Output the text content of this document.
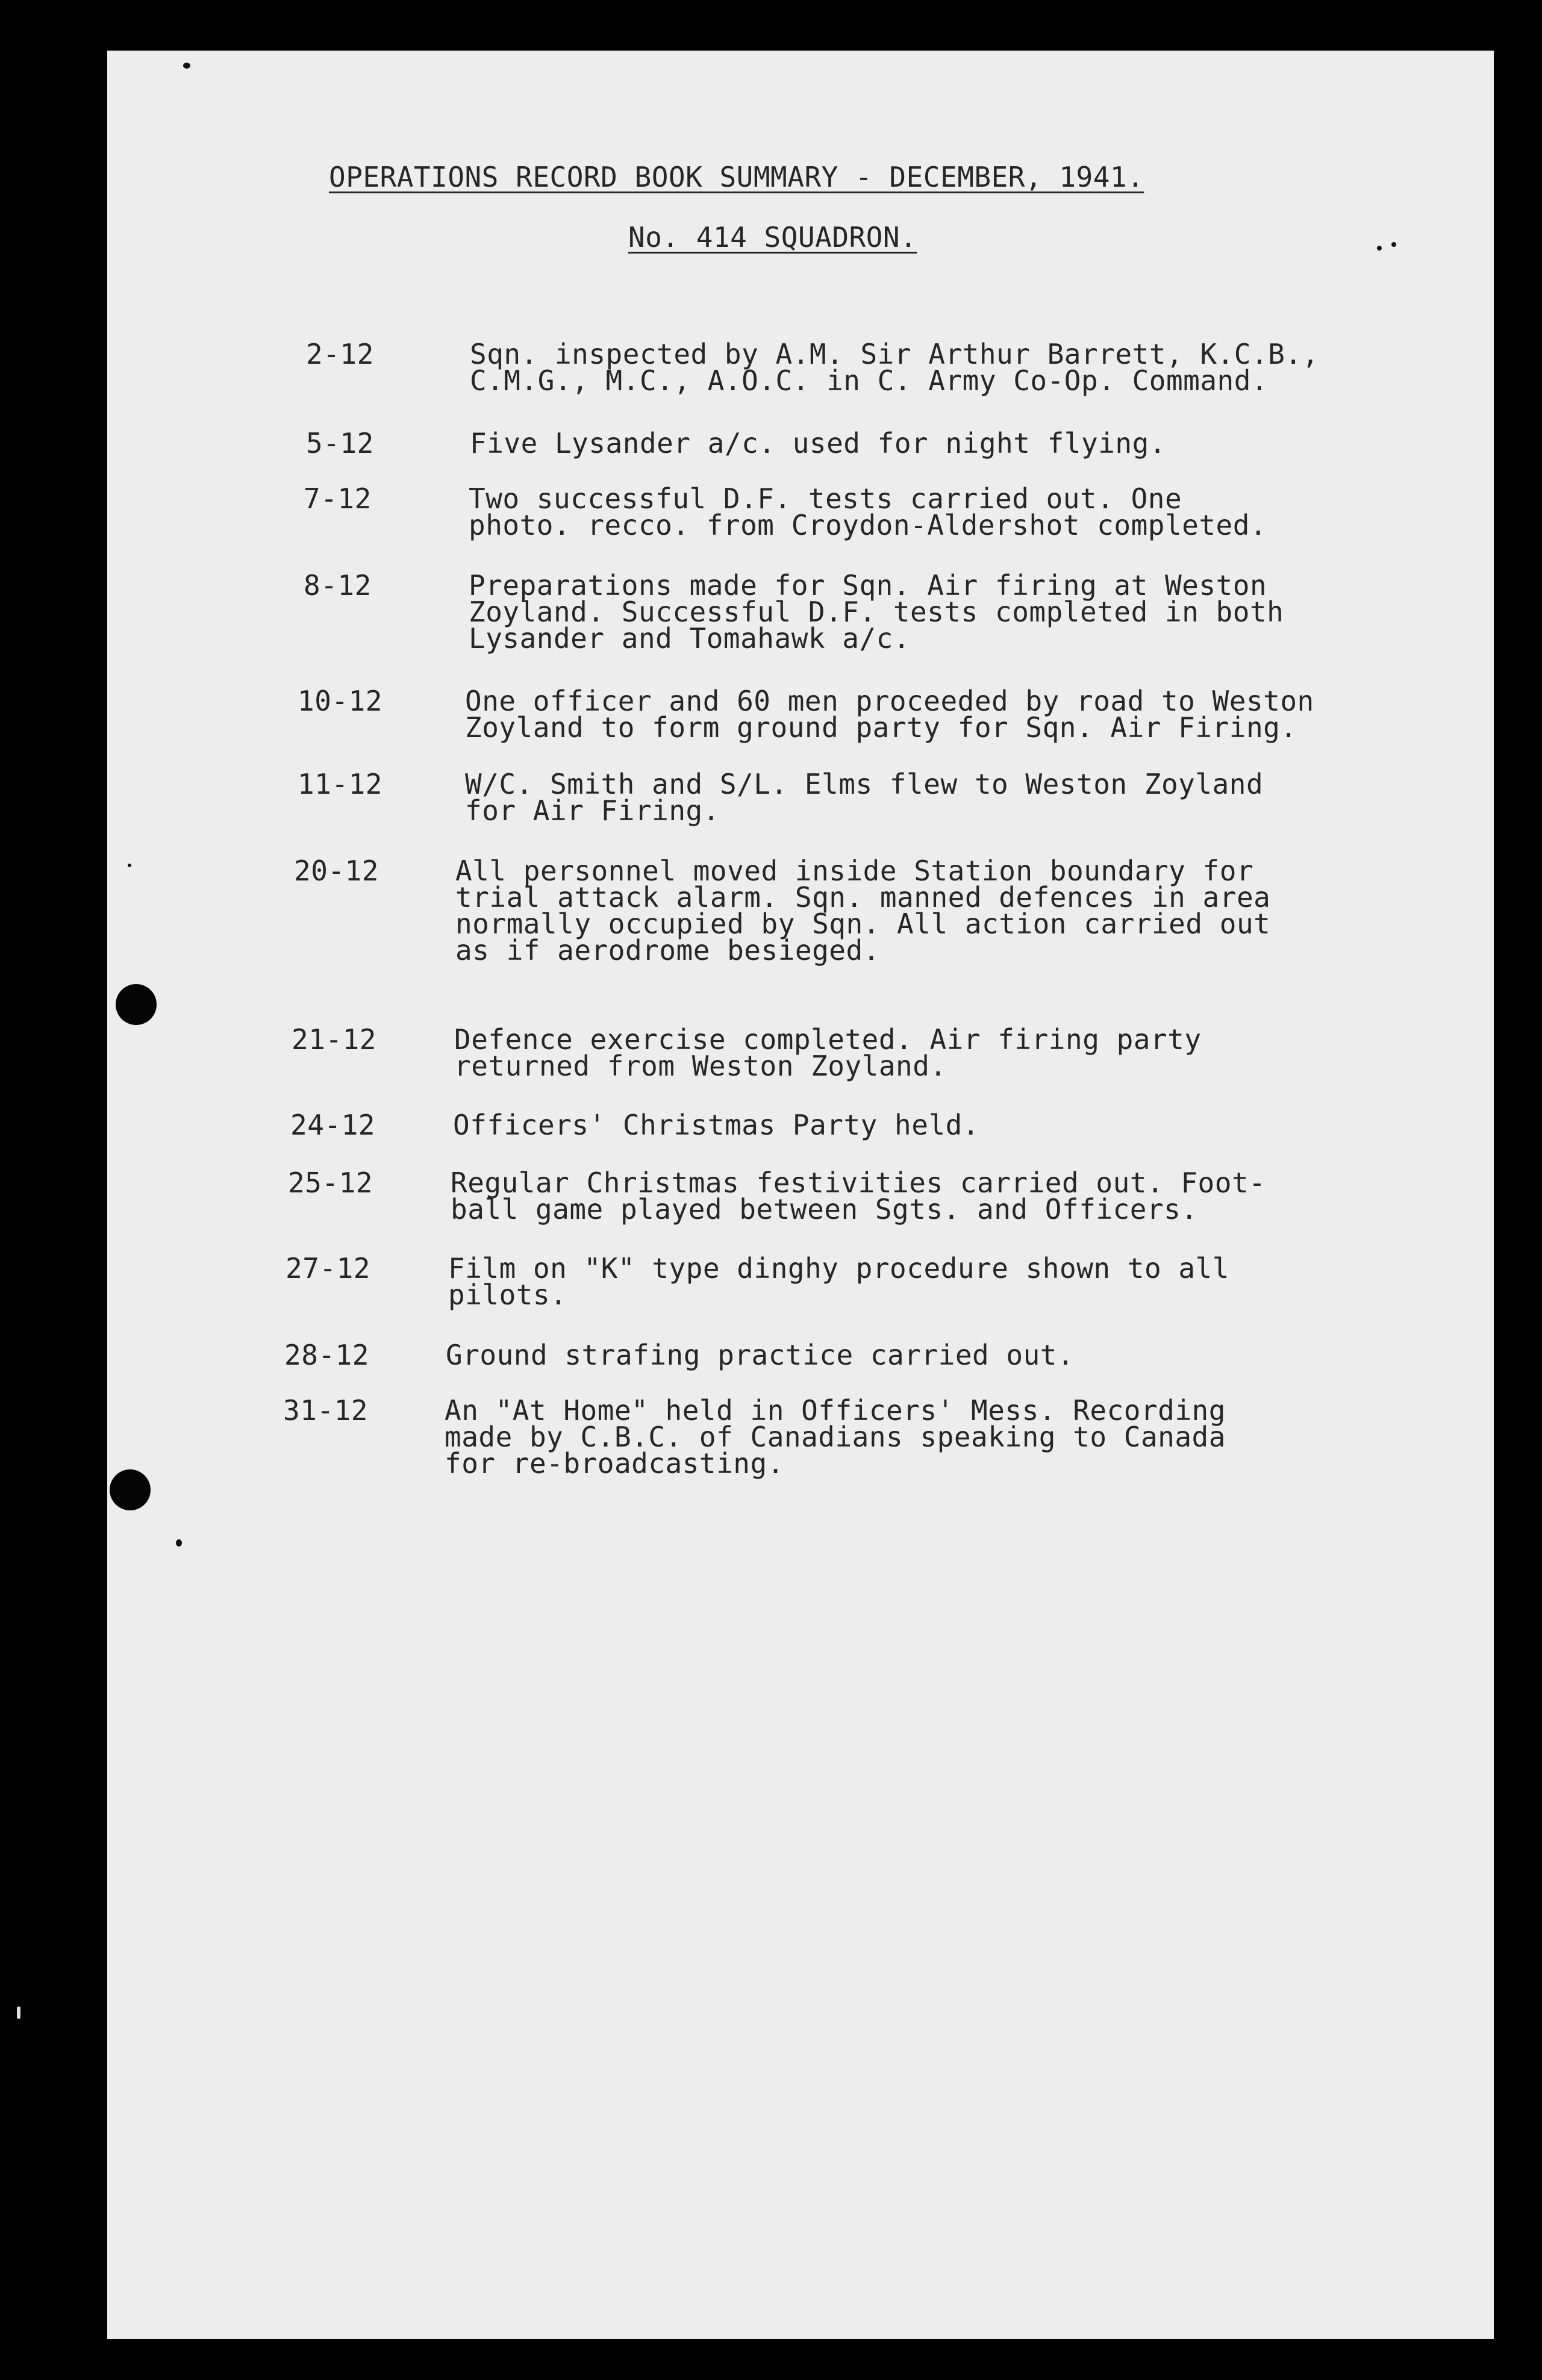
OPERATIONS RECORD BOOK SUMMARY - DECEMBER, 1941.
No. 414 SQUADRON.
2-12	Sqn. inspected by A.M. Sir Arthur Barrett, K.C.B.,
C.M.G., M.C., A.O.C. in C. Army Co-Op. Command.
5-12	Five Lysander a/c. used for night flying.
7-12	Two successful D.F. tests carried out. One
photo. recco. from Croydon-Aldershot completed.
8-12	Preparations made for Sqn. Air firing at Weston
Zoyland. Successful D.F. tests completed in both
Lysander and Tomahawk a/c.
10-12	One officer and 60 men proceeded by road to Weston
Zoyland to form ground party for Sqn. Air Firing.
11-12	W/C. Smith and S/L. Elms flew to Weston Zoyland
for Air Firing.
20-12	All personnel moved inside Station boundary for
trial attack alarm. Sqn. manned defences in area
normally occupied by Sqn. All action carried out
as if aerodrome besieged.
21-12	Defence exercise completed. Air firing party
returned from Weston Zoyland.
24-12	Officers' Christmas Party held.
25-12	Regular Christmas festivities carried out. Foot-
ball game played between Sgts. and Officers.
27-12	Film on "K" type dinghy procedure shown to all
pilots.
28-12	Ground strafing practice carried out.
31-12	An "At Home" held in Officers' Mess. Recording
made by C.B.C. of Canadians speaking to Canada
for re-broadcasting.
